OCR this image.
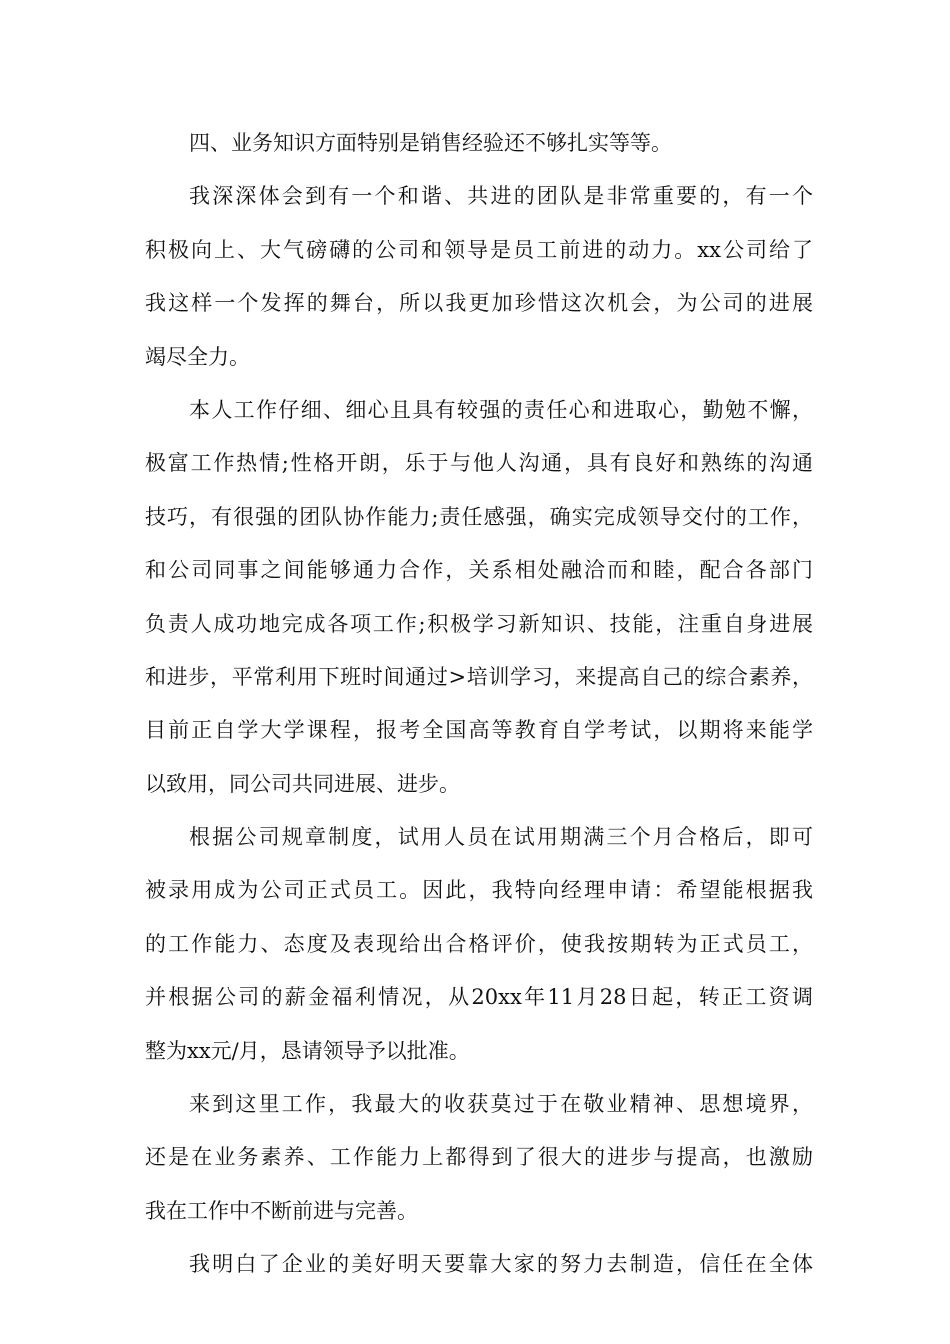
四、业务知识方面特别是销售经验还不够扎实等等。
我深深体会到有一个和谐、共进的团队是非常重要的，有一个
积极向上、大气磅礴的公司和领导是员工前进的动力。xx公司给了
我这样一个发挥的舞台，所以我更加珍惜这次机会，为公司的进展
竭尽全力。
本人工作仔细、细心且具有较强的责任心和进取心，勤勉不懈，
极富工作热情;性格开朗，乐于与他人沟通，具有良好和熟练的沟通
技巧，有很强的团队协作能力;责任感强，确实完成领导交付的工作，
和公司同事之间能够通力合作，关系相处融洽而和睦，配合各部门
负责人成功地完成各项工作;积极学习新知识、技能，注重自身进展
和进步，平常利用下班时间通过>培训学习，来提高自己的综合素养，
目前正自学大学课程，报考全国高等教育自学考试，以期将来能学
以致用，同公司共同进展、进步。
根据公司规章制度，试用人员在试用期满三个月合格后，即可
被录用成为公司正式员工。因此，我特向经理申请：希望能根据我
的工作能力、态度及表现给出合格评价，使我按期转为正式员工，
并根据公司的薪金福利情况，从20xx年11月28日起，转正工资调
整为xx元/月，恳请领导予以批准。
来到这里工作，我最大的收获莫过于在敬业精神、思想境界，
还是在业务素养、工作能力上都得到了很大的进步与提高，也激励
我在工作中不断前进与完善。
我明白了企业的美好明天要靠大家的努力去制造，信任在全体
